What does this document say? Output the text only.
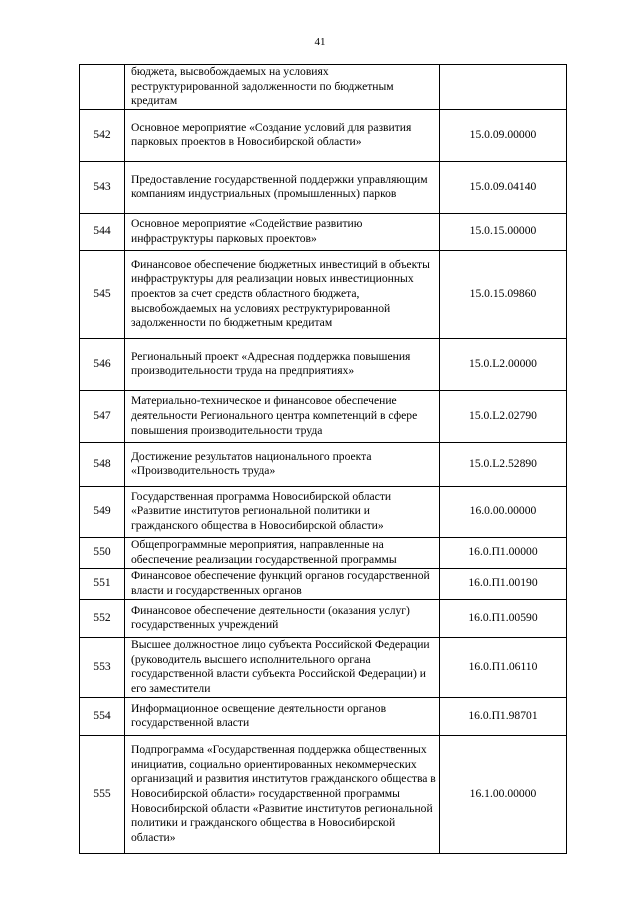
41
	бюджета, высвобождаемых на условиях реструктурированной задолженности по бюджетным кредитам	
542	Основное мероприятие «Создание условий для развития парковых проектов в Новосибирской области»	15.0.09.00000
543	Предоставление государственной поддержки управляющим компаниям индустриальных (промышленных) парков	15.0.09.04140
544	Основное мероприятие «Содействие развитию инфраструктуры парковых проектов»	15.0.15.00000
545	Финансовое обеспечение бюджетных инвестиций в объекты инфраструктуры для реализации новых инвестиционных проектов за счет средств областного бюджета, высвобождаемых на условиях реструктурированной задолженности по бюджетным кредитам	15.0.15.09860
546	Региональный проект «Адресная поддержка повышения производительности труда на предприятиях»	15.0.L2.00000
547	Материально-техническое и финансовое обеспечение деятельности Регионального центра компетенций в сфере повышения производительности труда	15.0.L2.02790
548	Достижение результатов национального проекта «Производительность труда»	15.0.L2.52890
549	Государственная программа Новосибирской области «Развитие институтов региональной политики и гражданского общества в Новосибирской области»	16.0.00.00000
550	Общепрограммные мероприятия, направленные на обеспечение реализации государственной программы	16.0.П1.00000
551	Финансовое обеспечение функций органов государственной власти и государственных органов	16.0.П1.00190
552	Финансовое обеспечение деятельности (оказания услуг) государственных учреждений	16.0.П1.00590
553	Высшее должностное лицо субъекта Российской Федерации (руководитель высшего исполнительного органа государственной власти субъекта Российской Федерации) и его заместители	16.0.П1.06110
554	Информационное освещение деятельности органов государственной власти	16.0.П1.98701
555	Подпрограмма «Государственная поддержка общественных инициатив, социально ориентированных некоммерческих организаций и развития институтов гражданского общества в Новосибирской области» государственной программы Новосибирской области «Развитие институтов региональной политики и гражданского общества в Новосибирской области»	16.1.00.00000
